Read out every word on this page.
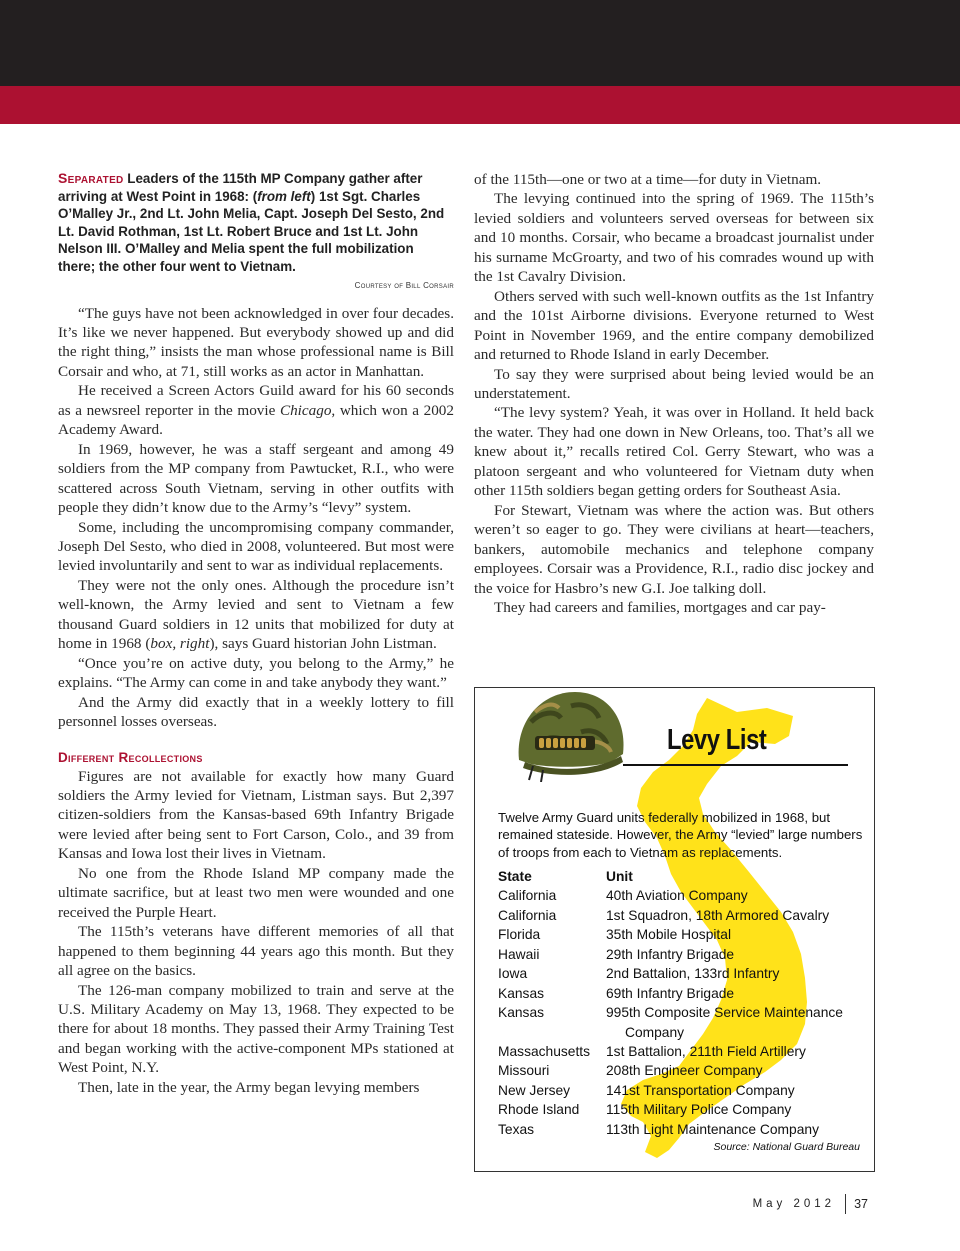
Separated Leaders of the 115th MP Company gather after arriving at West Point in 1968: (from left) 1st Sgt. Charles O’Malley Jr., 2nd Lt. John Melia, Capt. Joseph Del Sesto, 2nd Lt. David Rothman, 1st Lt. Robert Bruce and 1st Lt. John Nelson III. O’Malley and Melia spent the full mobilization there; the other four went to Vietnam.
Courtesy of Bill Corsair

“The guys have not been acknowledged in over four decades. It’s like we never happened. But everybody showed up and did the right thing,” insists the man whose professional name is Bill Corsair and who, at 71, still works as an actor in Manhattan.

He received a Screen Actors Guild award for his 60 seconds as a newsreel reporter in the movie Chicago, which won a 2002 Academy Award.

In 1969, however, he was a staff sergeant and among 49 soldiers from the MP company from Pawtucket, R.I., who were scattered across South Vietnam, serving in other outfits with people they didn’t know due to the Army’s “levy” system.

Some, including the uncompromising company commander, Joseph Del Sesto, who died in 2008, volunteered. But most were levied involuntarily and sent to war as individual replacements.

They were not the only ones. Although the procedure isn’t well-known, the Army levied and sent to Vietnam a few thousand Guard soldiers in 12 units that mobilized for duty at home in 1968 (box, right), says Guard historian John Listman.

“Once you’re on active duty, you belong to the Army,” he explains. “The Army can come in and take anybody they want.”

And the Army did exactly that in a weekly lottery to fill personnel losses overseas.

Different Recollections

Figures are not available for exactly how many Guard soldiers the Army levied for Vietnam, Listman says. But 2,397 citizen-soldiers from the Kansas-based 69th Infantry Brigade were levied after being sent to Fort Carson, Colo., and 39 from Kansas and Iowa lost their lives in Vietnam.

No one from the Rhode Island MP company made the ultimate sacrifice, but at least two men were wounded and one received the Purple Heart.

The 115th’s veterans have different memories of all that happened to them beginning 44 years ago this month. But they all agree on the basics.

The 126-man company mobilized to train and serve at the U.S. Military Academy on May 13, 1968. They expected to be there for about 18 months. They passed their Army Training Test and began working with the active-component MPs stationed at West Point, N.Y.

Then, late in the year, the Army began levying members

of the 115th—one or two at a time—for duty in Vietnam.

The levying continued into the spring of 1969. The 115th’s levied soldiers and volunteers served overseas for between six and 10 months. Corsair, who became a broadcast journalist under his surname McGroarty, and two of his comrades wound up with the 1st Cavalry Division.

Others served with such well-known outfits as the 1st Infantry and the 101st Airborne divisions. Everyone returned to West Point in November 1969, and the entire company demobilized and returned to Rhode Island in early December.

To say they were surprised about being levied would be an understatement.

“The levy system? Yeah, it was over in Holland. It held back the water. They had one down in New Orleans, too. That’s all we knew about it,” recalls retired Col. Gerry Stewart, who was a platoon sergeant and who volunteered for Vietnam duty when other 115th soldiers began getting orders for Southeast Asia.

For Stewart, Vietnam was where the action was. But others weren’t so eager to go. They were civilians at heart—teachers, bankers, automobile mechanics and telephone company employees. Corsair was a Providence, R.I., radio disc jockey and the voice for Hasbro’s new G.I. Joe talking doll.

They had careers and families, mortgages and car pay-

Levy List
Twelve Army Guard units federally mobilized in 1968, but remained stateside. However, the Army “levied” large numbers of troops from each to Vietnam as replacements.
State	Unit
California	40th Aviation Company
California	1st Squadron, 18th Armored Cavalry
Florida	35th Mobile Hospital
Hawaii	29th Infantry Brigade
Iowa	2nd Battalion, 133rd Infantry
Kansas	69th Infantry Brigade
Kansas	995th Composite Service Maintenance
Company
Massachusetts	1st Battalion, 211th Field Artillery
Missouri	208th Engineer Company
New Jersey	141st Transportation Company
Rhode Island	115th Military Police Company
Texas	113th Light Maintenance Company
Source: National Guard Bureau
May 2012 37
